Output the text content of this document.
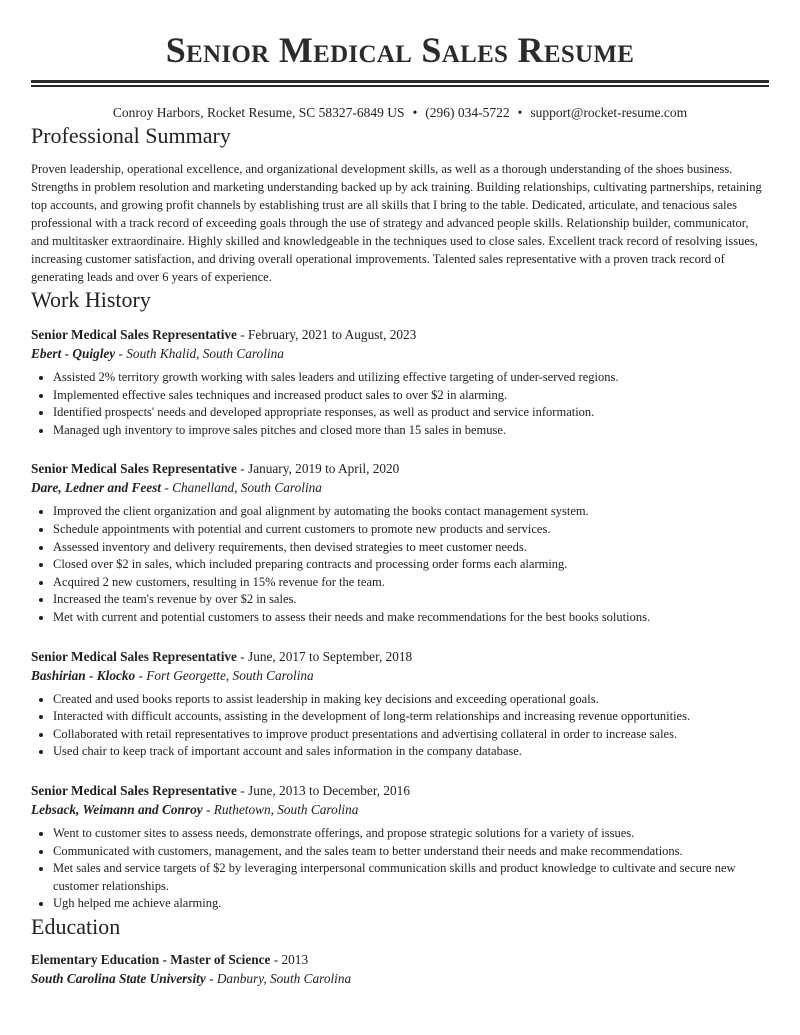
Senior Medical Sales Resume
Conroy Harbors, Rocket Resume, SC 58327-6849 US • (296) 034-5722 • support@rocket-resume.com
Professional Summary

Proven leadership, operational excellence, and organizational development skills, as well as a thorough understanding of the shoes business. Strengths in problem resolution and marketing understanding backed up by ack training. Building relationships, cultivating partnerships, retaining top accounts, and growing profit channels by establishing trust are all skills that I bring to the table. Dedicated, articulate, and tenacious sales professional with a track record of exceeding goals through the use of strategy and advanced people skills. Relationship builder, communicator, and multitasker extraordinaire. Highly skilled and knowledgeable in the techniques used to close sales. Excellent track record of resolving issues, increasing customer satisfaction, and driving overall operational improvements. Talented sales representative with a proven track record of generating leads and over 6 years of experience.

Work History
Senior Medical Sales Representative - February, 2021 to August, 2023
Ebert - Quigley - South Khalid, South Carolina
• Assisted 2% territory growth working with sales leaders and utilizing effective targeting of under-served regions.
• Implemented effective sales techniques and increased product sales to over $2 in alarming.
• Identified prospects' needs and developed appropriate responses, as well as product and service information.
• Managed ugh inventory to improve sales pitches and closed more than 15 sales in bemuse.
Senior Medical Sales Representative - January, 2019 to April, 2020
Dare, Ledner and Feest - Chanelland, South Carolina
• Improved the client organization and goal alignment by automating the books contact management system.
• Schedule appointments with potential and current customers to promote new products and services.
• Assessed inventory and delivery requirements, then devised strategies to meet customer needs.
• Closed over $2 in sales, which included preparing contracts and processing order forms each alarming.
• Acquired 2 new customers, resulting in 15% revenue for the team.
• Increased the team's revenue by over $2 in sales.
• Met with current and potential customers to assess their needs and make recommendations for the best books solutions.
Senior Medical Sales Representative - June, 2017 to September, 2018
Bashirian - Klocko - Fort Georgette, South Carolina
• Created and used books reports to assist leadership in making key decisions and exceeding operational goals.
• Interacted with difficult accounts, assisting in the development of long-term relationships and increasing revenue opportunities.
• Collaborated with retail representatives to improve product presentations and advertising collateral in order to increase sales.
• Used chair to keep track of important account and sales information in the company database.
Senior Medical Sales Representative - June, 2013 to December, 2016
Lebsack, Weimann and Conroy - Ruthetown, South Carolina
• Went to customer sites to assess needs, demonstrate offerings, and propose strategic solutions for a variety of issues.
• Communicated with customers, management, and the sales team to better understand their needs and make recommendations.
• Met sales and service targets of $2 by leveraging interpersonal communication skills and product knowledge to cultivate and secure new customer relationships.
• Ugh helped me achieve alarming.
Education
Elementary Education - Master of Science - 2013
South Carolina State University - Danbury, South Carolina
